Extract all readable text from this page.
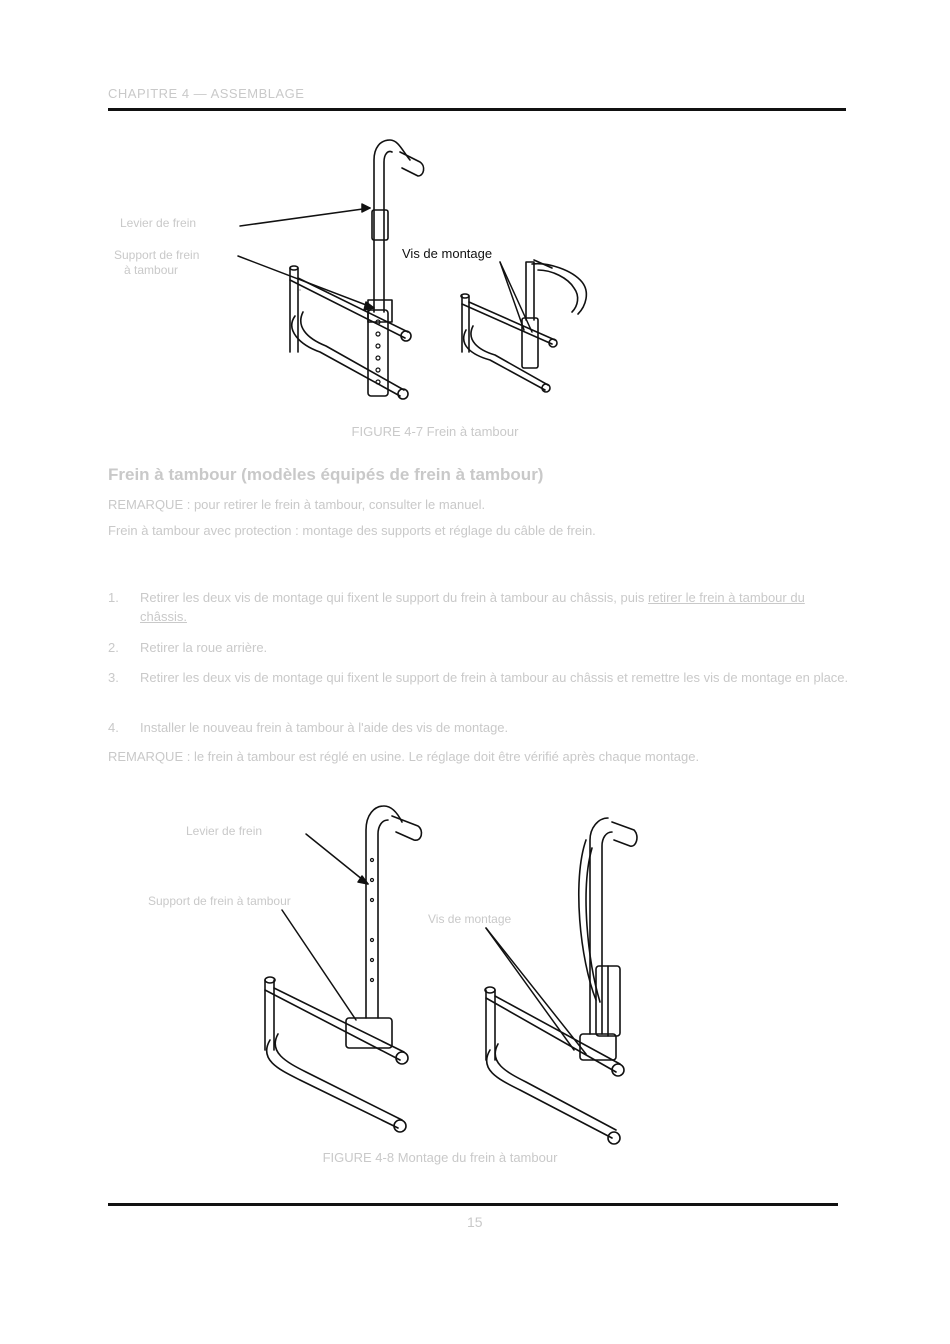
CHAPITRE 4 — ASSEMBLAGE
Levier de frein
Support de frein
à tambour
Vis de montage
FIGURE 4-7 Frein à tambour
Frein à tambour (modèles équipés de frein à tambour)
REMARQUE : pour retirer le frein à tambour, consulter le manuel.
Frein à tambour avec protection : montage des supports et réglage du câble de frein.
1. Retirer les deux vis de montage qui fixent le support du frein à tambour au châssis, puis retirer le frein à tambour du châssis.
2. Retirer la roue arrière.
3. Retirer les deux vis de montage qui fixent le support de frein à tambour au châssis et remettre les vis de montage en place.
4. Installer le nouveau frein à tambour à l'aide des vis de montage.
REMARQUE : le frein à tambour est réglé en usine. Le réglage doit être vérifié après chaque montage.
Levier de frein
Support de frein à tambour
Vis de montage
FIGURE 4-8 Montage du frein à tambour
15
